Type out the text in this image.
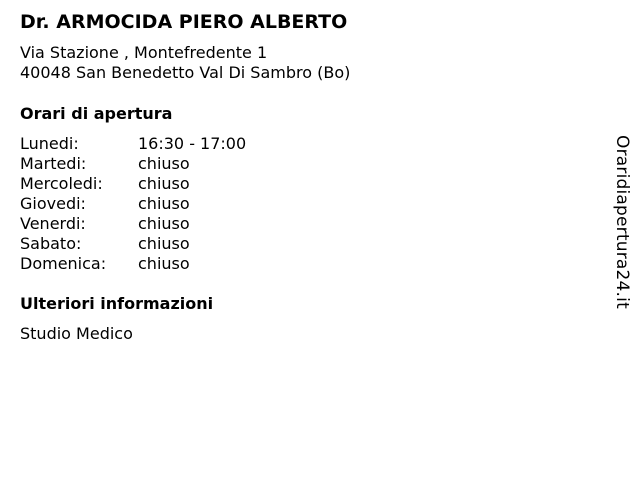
Dr. ARMOCIDA PIERO ALBERTO
Via Stazione , Montefredente 1
40048 San Benedetto Val Di Sambro (Bo)
Orari di apertura
Lunedi:	16:30 - 17:00
Martedi:	chiuso
Mercoledi:	chiuso
Giovedi:	chiuso
Venerdi:	chiuso
Sabato:	chiuso
Domenica:	chiuso
Ulteriori informazioni
Studio Medico
Oraridiapertura24.it
